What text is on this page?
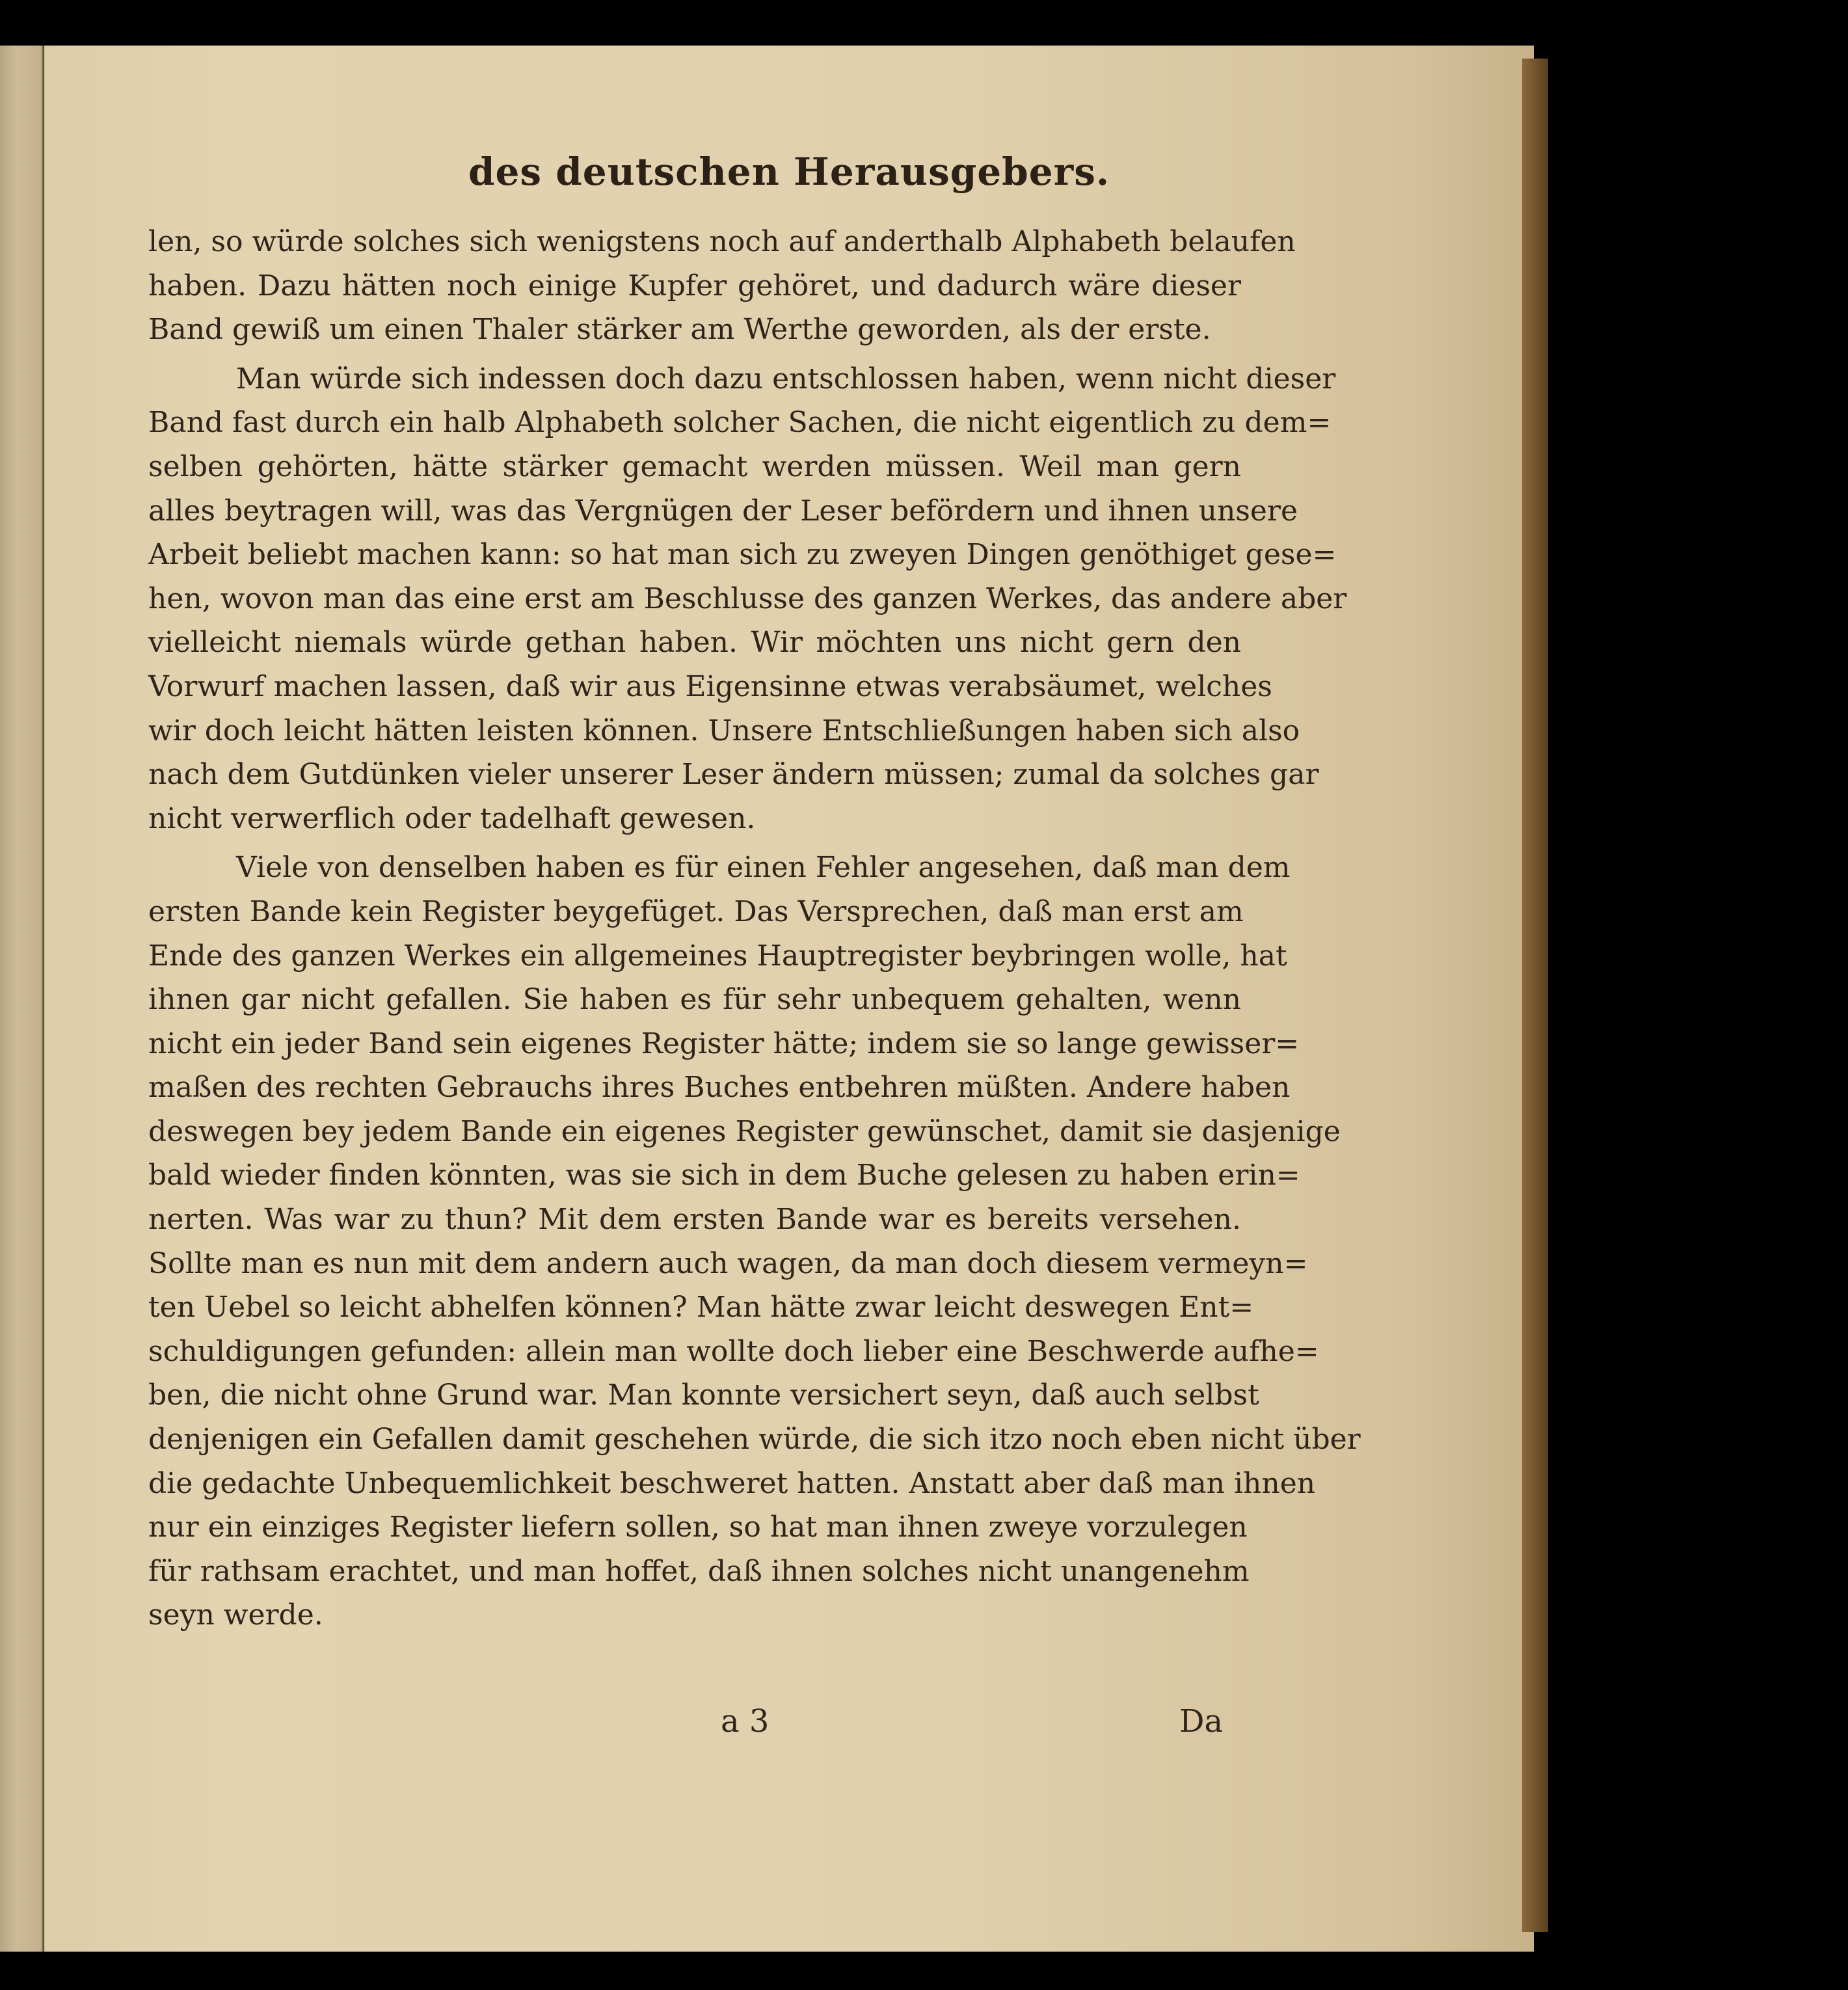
des deutschen Herausgebers.
len, so würde solches sich wenigstens noch auf anderthalb Alphabeth belaufen
haben. Dazu hätten noch einige Kupfer gehöret, und dadurch wäre dieser
Band gewiß um einen Thaler stärker am Werthe geworden, als der erste.
Man würde sich indessen doch dazu entschlossen haben, wenn nicht dieser
Band fast durch ein halb Alphabeth solcher Sachen, die nicht eigentlich zu dem=
selben gehörten, hätte stärker gemacht werden müssen. Weil man gern
alles beytragen will, was das Vergnügen der Leser befördern und ihnen unsere
Arbeit beliebt machen kann: so hat man sich zu zweyen Dingen genöthiget gese=
hen, wovon man das eine erst am Beschlusse des ganzen Werkes, das andere aber
vielleicht niemals würde gethan haben. Wir möchten uns nicht gern den
Vorwurf machen lassen, daß wir aus Eigensinne etwas verabsäumet, welches
wir doch leicht hätten leisten können. Unsere Entschließungen haben sich also
nach dem Gutdünken vieler unserer Leser ändern müssen; zumal da solches gar
nicht verwerflich oder tadelhaft gewesen.
Viele von denselben haben es für einen Fehler angesehen, daß man dem
ersten Bande kein Register beygefüget. Das Versprechen, daß man erst am
Ende des ganzen Werkes ein allgemeines Hauptregister beybringen wolle, hat
ihnen gar nicht gefallen. Sie haben es für sehr unbequem gehalten, wenn
nicht ein jeder Band sein eigenes Register hätte; indem sie so lange gewisser=
maßen des rechten Gebrauchs ihres Buches entbehren müßten. Andere haben
deswegen bey jedem Bande ein eigenes Register gewünschet, damit sie dasjenige
bald wieder finden könnten, was sie sich in dem Buche gelesen zu haben erin=
nerten. Was war zu thun? Mit dem ersten Bande war es bereits versehen.
Sollte man es nun mit dem andern auch wagen, da man doch diesem vermeyn=
ten Uebel so leicht abhelfen können? Man hätte zwar leicht deswegen Ent=
schuldigungen gefunden: allein man wollte doch lieber eine Beschwerde aufhe=
ben, die nicht ohne Grund war. Man konnte versichert seyn, daß auch selbst
denjenigen ein Gefallen damit geschehen würde, die sich itzo noch eben nicht über
die gedachte Unbequemlichkeit beschweret hatten. Anstatt aber daß man ihnen
nur ein einziges Register liefern sollen, so hat man ihnen zweye vorzulegen
für rathsam erachtet, und man hoffet, daß ihnen solches nicht unangenehm
seyn werde.
a 3	Da
